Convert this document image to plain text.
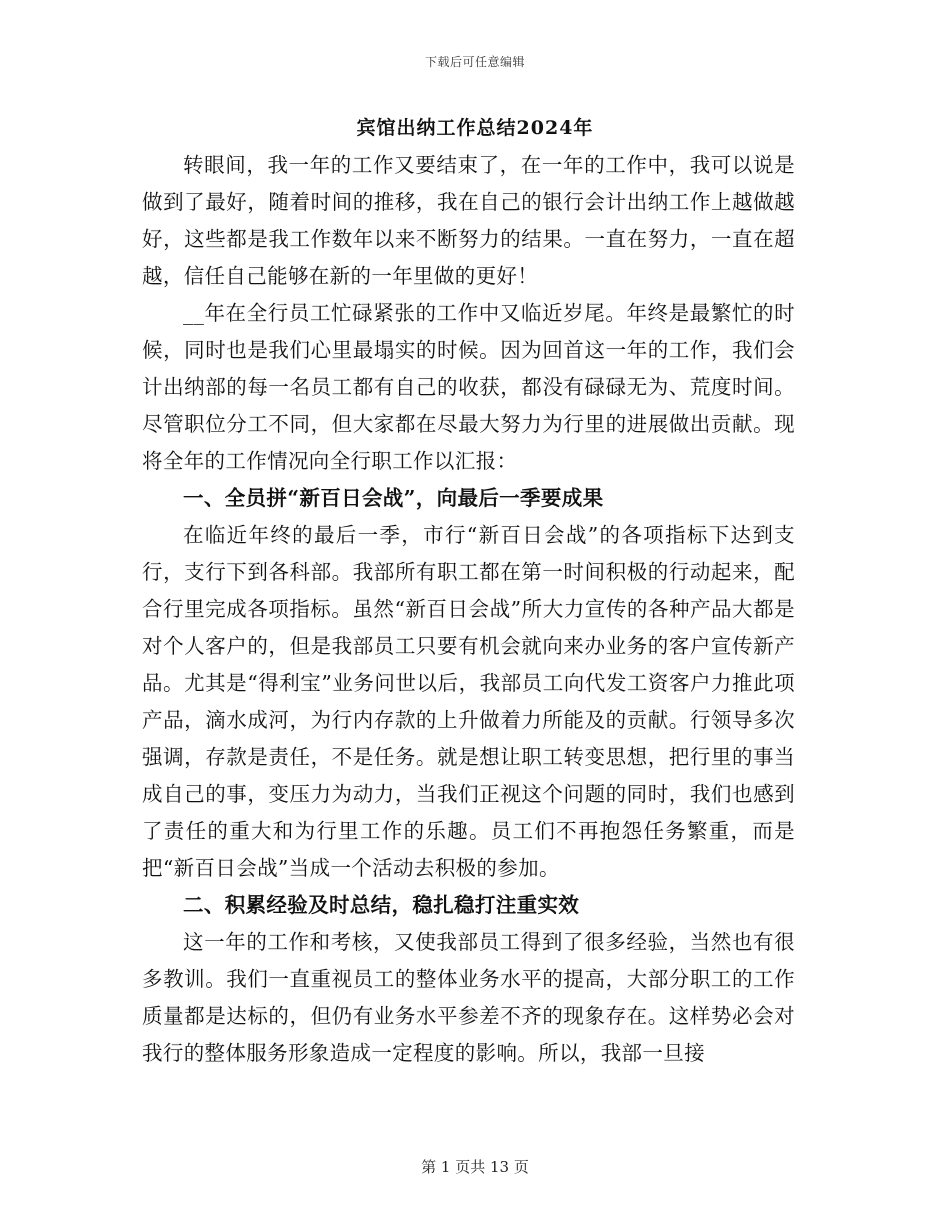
下载后可任意编辑
宾馆出纳工作总结2024年

转眼间，我一年的工作又要结束了，在一年的工作中，我可以说是做到了最好，随着时间的推移，我在自己的银行会计出纳工作上越做越好，这些都是我工作数年以来不断努力的结果。一直在努力，一直在超越，信任自己能够在新的一年里做的更好！

__年在全行员工忙碌紧张的工作中又临近岁尾。年终是最繁忙的时候，同时也是我们心里最塌实的时候。因为回首这一年的工作，我们会计出纳部的每一名员工都有自己的收获，都没有碌碌无为、荒度时间。尽管职位分工不同，但大家都在尽最大努力为行里的进展做出贡献。现将全年的工作情况向全行职工作以汇报：

一、全员拼“新百日会战”，向最后一季要成果

在临近年终的最后一季，市行“新百日会战”的各项指标下达到支行，支行下到各科部。我部所有职工都在第一时间积极的行动起来，配合行里完成各项指标。虽然“新百日会战”所大力宣传的各种产品大都是对个人客户的，但是我部员工只要有机会就向来办业务的客户宣传新产品。尤其是“得利宝”业务问世以后，我部员工向代发工资客户力推此项产品，滴水成河，为行内存款的上升做着力所能及的贡献。行领导多次强调，存款是责任，不是任务。就是想让职工转变思想，把行里的事当成自己的事，变压力为动力，当我们正视这个问题的同时，我们也感到了责任的重大和为行里工作的乐趣。员工们不再抱怨任务繁重，而是把“新百日会战”当成一个活动去积极的参加。

二、积累经验及时总结，稳扎稳打注重实效

这一年的工作和考核，又使我部员工得到了很多经验，当然也有很多教训。我们一直重视员工的整体业务水平的提高，大部分职工的工作质量都是达标的，但仍有业务水平参差不齐的现象存在。这样势必会对我行的整体服务形象造成一定程度的影响。所以，我部一旦接

第 1 页共 13 页
